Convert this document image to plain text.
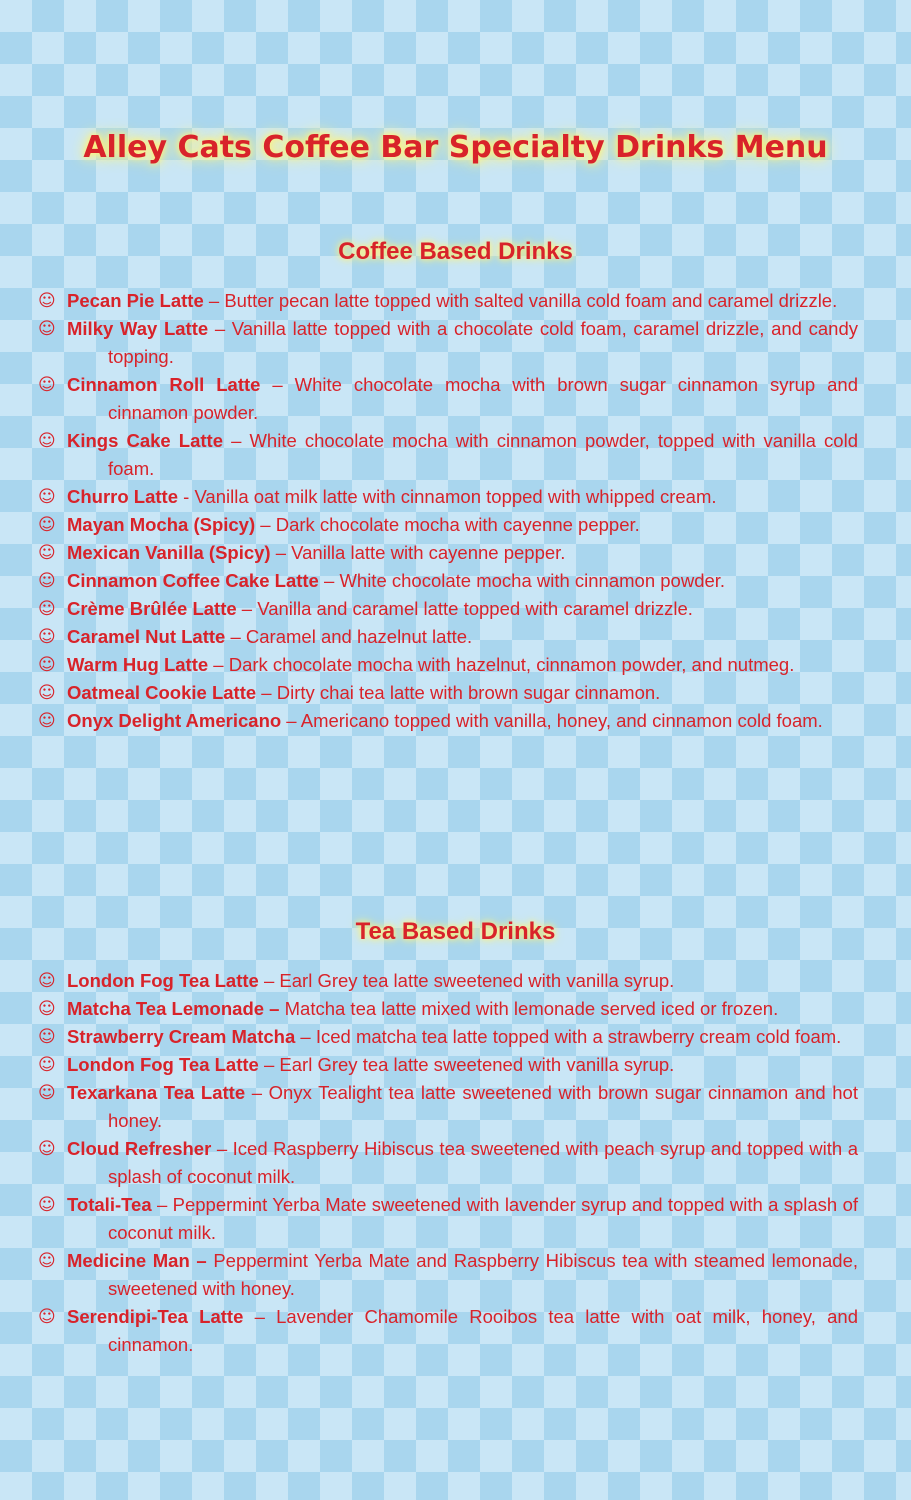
Alley Cats Coffee Bar Specialty Drinks Menu
Coffee Based Drinks
☺ Pecan Pie Latte – Butter pecan latte topped with salted vanilla cold foam and caramel drizzle.
☺ Milky Way Latte – Vanilla latte topped with a chocolate cold foam, caramel drizzle, and candy topping.
☺ Cinnamon Roll Latte – White chocolate mocha with brown sugar cinnamon syrup and cinnamon powder.
☺ Kings Cake Latte – White chocolate mocha with cinnamon powder, topped with vanilla cold foam.
☺ Churro Latte - Vanilla oat milk latte with cinnamon topped with whipped cream.
☺ Mayan Mocha (Spicy) – Dark chocolate mocha with cayenne pepper.
☺ Mexican Vanilla (Spicy) – Vanilla latte with cayenne pepper.
☺ Cinnamon Coffee Cake Latte – White chocolate mocha with cinnamon powder.
☺ Crème Brûlée Latte – Vanilla and caramel latte topped with caramel drizzle.
☺ Caramel Nut Latte – Caramel and hazelnut latte.
☺ Warm Hug Latte – Dark chocolate mocha with hazelnut, cinnamon powder, and nutmeg.
☺ Oatmeal Cookie Latte – Dirty chai tea latte with brown sugar cinnamon.
☺ Onyx Delight Americano – Americano topped with vanilla, honey, and cinnamon cold foam.
Tea Based Drinks
☺ London Fog Tea Latte – Earl Grey tea latte sweetened with vanilla syrup.
☺ Matcha Tea Lemonade – Matcha tea latte mixed with lemonade served iced or frozen.
☺ Strawberry Cream Matcha – Iced matcha tea latte topped with a strawberry cream cold foam.
☺ London Fog Tea Latte – Earl Grey tea latte sweetened with vanilla syrup.
☺ Texarkana Tea Latte – Onyx Tealight tea latte sweetened with brown sugar cinnamon and hot honey.
☺ Cloud Refresher – Iced Raspberry Hibiscus tea sweetened with peach syrup and topped with a splash of coconut milk.
☺ Totali-Tea – Peppermint Yerba Mate sweetened with lavender syrup and topped with a splash of coconut milk.
☺ Medicine Man – Peppermint Yerba Mate and Raspberry Hibiscus tea with steamed lemonade, sweetened with honey.
☺ Serendipi-Tea Latte – Lavender Chamomile Rooibos tea latte with oat milk, honey, and cinnamon.
